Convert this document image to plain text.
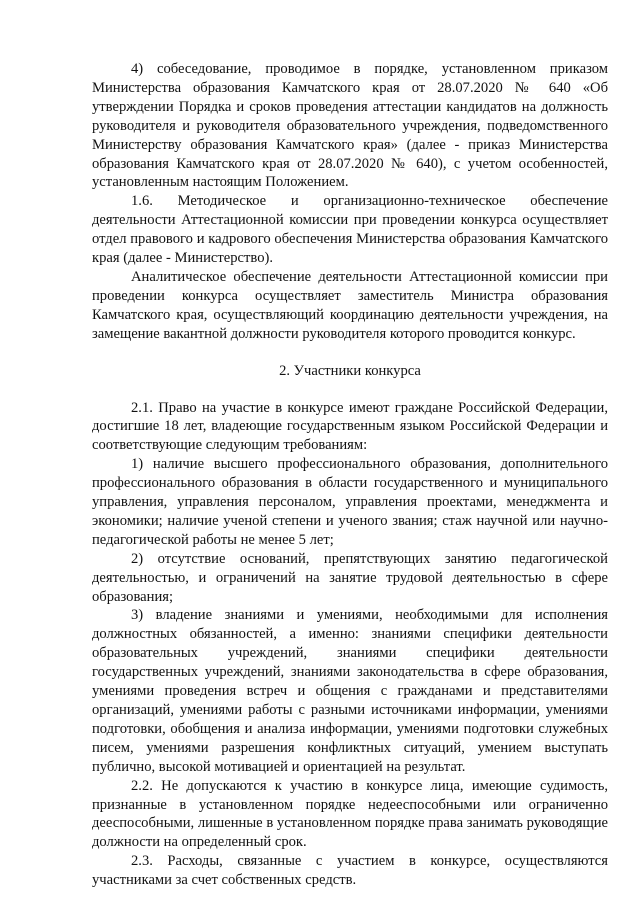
4) собеседование, проводимое в порядке, установленном приказом Министерства образования Камчатского края от 28.07.2020 № 640 «Об утверждении Порядка и сроков проведения аттестации кандидатов на должность руководителя и руководителя образовательного учреждения, подведомственного Министерству образования Камчатского края» (далее - приказ Министерства образования Камчатского края от 28.07.2020 № 640), с учетом особенностей, установленным настоящим Положением.

1.6. Методическое и организационно-техническое обеспечение деятельности Аттестационной комиссии при проведении конкурса осуществляет отдел правового и кадрового обеспечения Министерства образования Камчатского края (далее - Министерство).

Аналитическое обеспечение деятельности Аттестационной комиссии при проведении конкурса осуществляет заместитель Министра образования Камчатского края, осуществляющий координацию деятельности учреждения, на замещение вакантной должности руководителя которого проводится конкурс.

2. Участники конкурса

2.1. Право на участие в конкурсе имеют граждане Российской Федерации, достигшие 18 лет, владеющие государственным языком Российской Федерации и соответствующие следующим требованиям:

1) наличие высшего профессионального образования, дополнительного профессионального образования в области государственного и муниципального управления, управления персоналом, управления проектами, менеджмента и экономики; наличие ученой степени и ученого звания; стаж научной или научно-педагогической работы не менее 5 лет;

2) отсутствие оснований, препятствующих занятию педагогической деятельностью, и ограничений на занятие трудовой деятельностью в сфере образования;

3) владение знаниями и умениями, необходимыми для исполнения должностных обязанностей, а именно: знаниями специфики деятельности образовательных учреждений, знаниями специфики деятельности государственных учреждений, знаниями законодательства в сфере образования, умениями проведения встреч и общения с гражданами и представителями организаций, умениями работы с разными источниками информации, умениями подготовки, обобщения и анализа информации, умениями подготовки служебных писем, умениями разрешения конфликтных ситуаций, умением выступать публично, высокой мотивацией и ориентацией на результат.

2.2. Не допускаются к участию в конкурсе лица, имеющие судимость, признанные в установленном порядке недееспособными или ограниченно дееспособными, лишенные в установленном порядке права занимать руководящие должности на определенный срок.

2.3. Расходы, связанные с участием в конкурсе, осуществляются участниками за счет собственных средств.
